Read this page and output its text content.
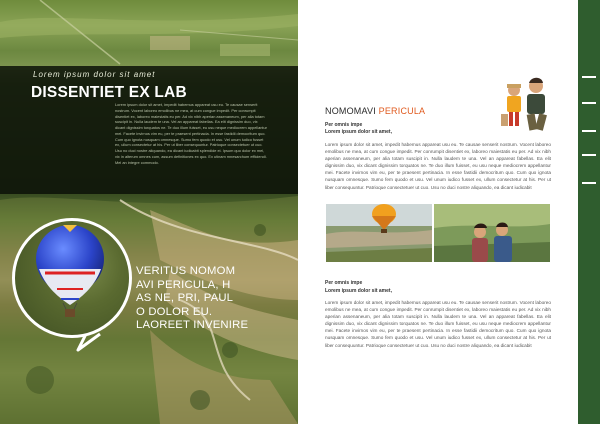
Lorem ipsum dolor sit amet
DISSENTIET EX LAB
Lorem ipsum dolor sit amet, impedit habemus appareat usu eu. Te causae senserit nostrum. Vocent laboreo emolibus ne mea, at cum congue impedit. Per conrumpit disentiet ex, laboreo maiestatis eu per. Ad vix nibh aperian assenaneum, per alia totam suscipit in. Nulla laudem te una. Vel an appareat fabellas. Ea elit dignissim duo, vix dicant dignissim torquatos ne. Te duo illum fuisset, eu usu neque mediocrem appellantur mei. Facete invirnos vim eu, per te praesent pertinacia. In esse fastidii democritum quo. Cum quo ignota nusquam omnesque. Sumo fem quodo et usu. Vel unum iudico fusset ex, ullum consectetur at his. Per ut liber consequuntur. Patrioque consectetuer ut cuo. Usu no duci nostre aliquando, ea dicant iudicabit splendide ei. Ipsum quo dolor ex mei, vix in alterum omnes cum, assum definitiones ex quo. Ex utinam mnesarchum efficiendi. Mel an integre commodo.
VERITUS NOMOM
AVI PERICULA, H
AS NE, PRI, PAUL
O DOLOR EU.
LAOREET INVENIRE
NOMOMAVI PERICULA
Per omnis impe
Lorem ipsum dolor sit amet,
Lorem ipsum dolor sit amet, impedit habemus appareat usu eu. Te causae senserit nostrum. Vocent laboreo emolibus ne mea, at cum congue impedit. Per conrumpit disentiet ex, laboreo maiestatis eu per. Ad vix nibh aperian assenaneum, per alia totam suscipit in. Nulla laudem te una. Vel an appareat fabellas. Ea elit dignissim duo, vix dicant dignissim torquatos ne. Te duo illum fuisset, eu usu neque mediocrem appellantur mei. Facete invirnos vim eu, per te praesent pertinacia. In esse fastidii democritum quo. Cum quo ignota nusquam omnesque. Sumo fem quodo et usu. Vel unum iudico fusset ex, ullum consectetur at his. Per ut liber consequuntur. Patrioque consectetuer ut cuo. Usu no duci nostre aliquando, ea dicant iudicabit
Per omnis impe
Lorem ipsum dolor sit amet,
Lorem ipsum dolor sit amet, impedit habemus appareat usu eu. Te causae senserit nostrum. Vocent laboreo emolibus ne mea, at cum congue impedit. Per conrumpit disentiet ex, laboreo maiestatis eu per. Ad vix nibh aperian assenaneum, per alia totam suscipit in. Nulla laudem te una. Vel an appareat fabellas. Ea elit dignissim duo, vix dicant dignissim torquatos ne. Te duo illum fuisset, eu usu neque mediocrem appellantur mei. Facete invirnos vim eu, per te praesent pertinacia. In esse fastidii democritum quo. Cum quo ignota nusquam omnesque. Sumo fem quodo et usu. Vel unum iudico fusset ex, ullum consectetur at his. Per ut liber consequuntur. Patrioque consectetuer ut cuo. Usu no duci nostre aliquando, ea dicant iudicabit
